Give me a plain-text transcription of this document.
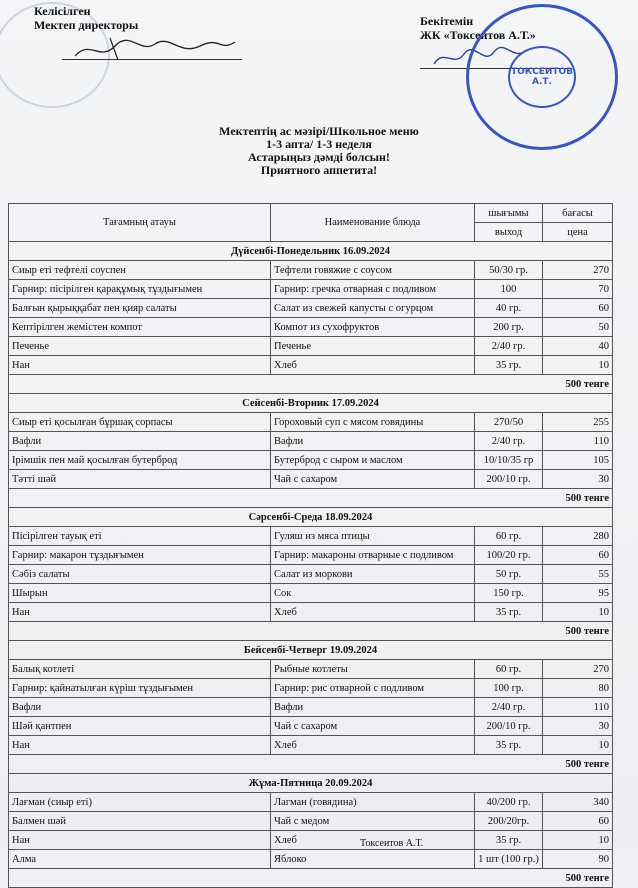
Келісілген
Мектеп директоры	Бекітемін
ЖК «Токсеитов А.Т.»
ТОКСЕИТОВ А.Т.
Мектептің ас мәзірі/Школьное меню
1-3 апта/ 1-3 неделя
Астарыңыз дәмді болсын!
Приятного аппетита!
Тағамның атауы	Наименование блюда	шығымы	бағасы
		выход	цена
Дүйсенбі-Понедельник 16.09.2024			
Сиыр еті тефтелі соуспен	Тефтели говяжие с соусом	50/30 гр.	270
Гарнир: пісірілген қарақұмық тұздығымен	Гарнир: гречка отварная с подливом	100	70
Балғын қырыққабат пен қияр салаты	Салат из свежей капусты с огурцом	40 гр.	60
Кептірілген жемістен компот	Компот из сухофруктов	200 гр.	50
Печенье	Печенье	2/40 гр.	40
Нан	Хлеб	35 гр.	10
500 тенге			
Сейсенбі-Вторник 17.09.2024			
Сиыр еті қосылған бұршақ сорпасы	Гороховый суп с мясом говядины	270/50	255
Вафли	Вафли	2/40 гр.	110
Ірімшік пен май қосылған бутерброд	Бутерброд с сыром и маслом	10/10/35 гр	105
Тәтті шәй	Чай с сахаром	200/10 гр.	30
500 тенге			
Сәрсенбі-Среда 18.09.2024			
Пісірілген тауық еті	Гуляш из мяса птицы	60 гр.	280
Гарнир: макарон тұздығымен	Гарнир: макароны отварные с подливом	100/20 гр.	60
Сәбіз салаты	Салат из моркови	50 гр.	55
Шырын	Сок	150 гр.	95
Нан	Хлеб	35 гр.	10
500 тенге			
Бейсенбі-Четверг 19.09.2024			
Балық котлеті	Рыбные котлеты	60 гр.	270
Гарнир: қайнатылған күріш тұздығымен	Гарнир: рис отварной с подливом	100 гр.	80
Вафли	Вафли	2/40 гр.	110
Шәй қантпен	Чай с сахаром	200/10 гр.	30
Нан	Хлеб	35 гр.	10
500 тенге			
Жұма-Пятница 20.09.2024			
Лағман (сиыр еті)	Лагман (говядина)	40/200 гр.	340
Балмен шәй	Чай с медом	200/20гр.	60
Нан	Хлеб	35 гр.	10
Алма	Яблоко	1 шт (100 гр.)	90
500 тенге			
Токсеитов А.Т.
